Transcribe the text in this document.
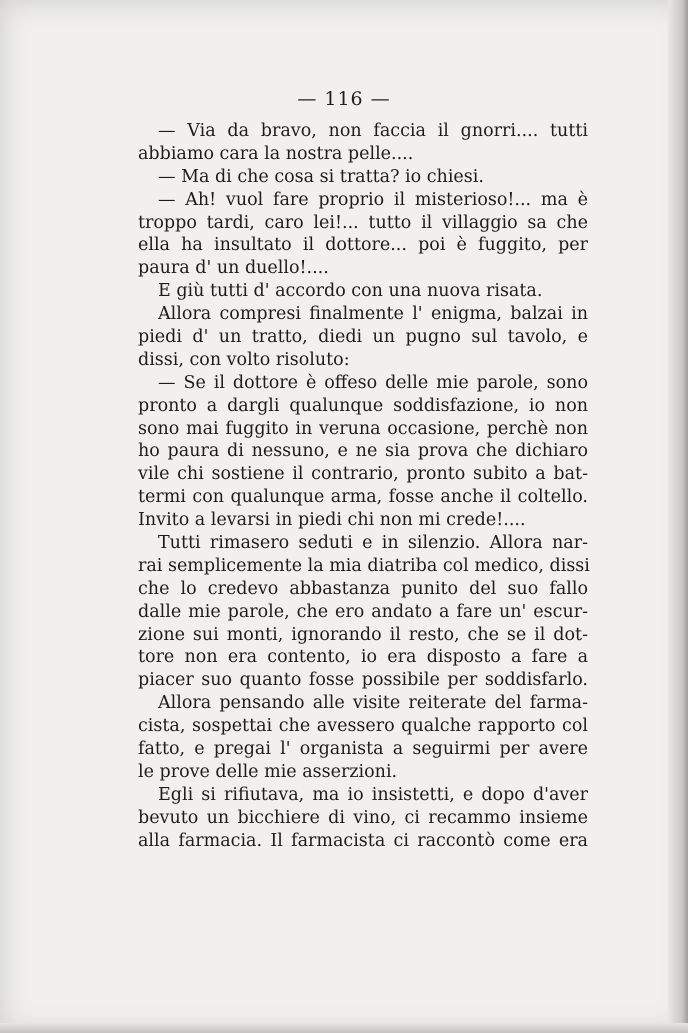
— 116 —
— Via da bravo, non faccia il gnorri.... tutti
abbiamo cara la nostra pelle....
— Ma di che cosa si tratta? io chiesi.
— Ah! vuol fare proprio il misterioso!... ma è
troppo tardi, caro lei!... tutto il villaggio sa che
ella ha insultato il dottore... poi è fuggito, per
paura d' un duello!....
E giù tutti d' accordo con una nuova risata.
Allora compresi finalmente l' enigma, balzai in
piedi d' un tratto, diedi un pugno sul tavolo, e
dissi, con volto risoluto:
— Se il dottore è offeso delle mie parole, sono
pronto a dargli qualunque soddisfazione, io non
sono mai fuggito in veruna occasione, perchè non
ho paura di nessuno, e ne sia prova che dichiaro
vile chi sostiene il contrario, pronto subito a bat-
termi con qualunque arma, fosse anche il coltello.
Invito a levarsi in piedi chi non mi crede!....
Tutti rimasero seduti e in silenzio. Allora nar-
rai semplicemente la mia diatriba col medico, dissi
che lo credevo abbastanza punito del suo fallo
dalle mie parole, che ero andato a fare un' escur-
zione sui monti, ignorando il resto, che se il dot-
tore non era contento, io era disposto a fare a
piacer suo quanto fosse possibile per soddisfarlo.
Allora pensando alle visite reiterate del farma-
cista, sospettai che avessero qualche rapporto col
fatto, e pregai l' organista a seguirmi per avere
le prove delle mie asserzioni.
Egli si rifiutava, ma io insistetti, e dopo d'aver
bevuto un bicchiere di vino, ci recammo insieme
alla farmacia. Il farmacista ci raccontò come era
